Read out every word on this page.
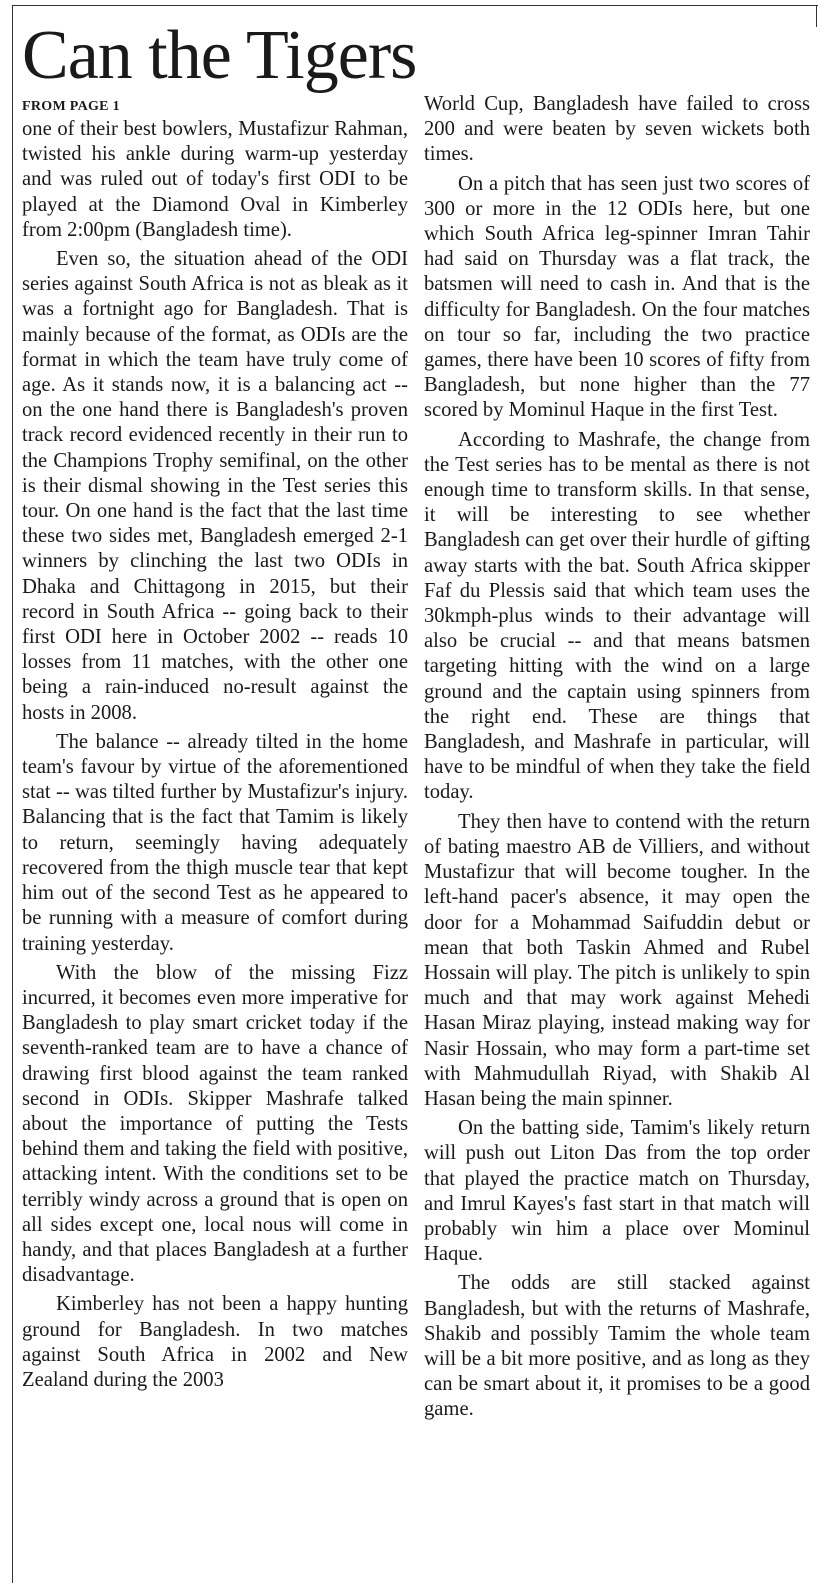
Can the Tigers
FROM PAGE 1

one of their best bowlers, Mustafizur Rahman, twisted his ankle during warm-up yesterday and was ruled out of today's first ODI to be played at the Diamond Oval in Kimberley from 2:00pm (Bangladesh time).

Even so, the situation ahead of the ODI series against South Africa is not as bleak as it was a fortnight ago for Bangladesh. That is mainly because of the format, as ODIs are the format in which the team have truly come of age. As it stands now, it is a balancing act -- on the one hand there is Bangladesh's proven track record evidenced recently in their run to the Champions Trophy semifinal, on the other is their dismal showing in the Test series this tour. On one hand is the fact that the last time these two sides met, Bangladesh emerged 2-1 winners by clinching the last two ODIs in Dhaka and Chittagong in 2015, but their record in South Africa -- going back to their first ODI here in October 2002 -- reads 10 losses from 11 matches, with the other one being a rain-induced no-result against the hosts in 2008.

The balance -- already tilted in the home team's favour by virtue of the aforementioned stat -- was tilted further by Mustafizur's injury. Balancing that is the fact that Tamim is likely to return, seemingly having adequately recovered from the thigh muscle tear that kept him out of the second Test as he appeared to be running with a measure of comfort during training yesterday.

With the blow of the missing Fizz incurred, it becomes even more imperative for Bangladesh to play smart cricket today if the seventh-ranked team are to have a chance of drawing first blood against the team ranked second in ODIs. Skipper Mashrafe talked about the importance of putting the Tests behind them and taking the field with positive, attacking intent. With the conditions set to be terribly windy across a ground that is open on all sides except one, local nous will come in handy, and that places Bangladesh at a further disadvantage.

Kimberley has not been a happy hunting ground for Bangladesh. In two matches against South Africa in 2002 and New Zealand during the 2003

World Cup, Bangladesh have failed to cross 200 and were beaten by seven wickets both times.

On a pitch that has seen just two scores of 300 or more in the 12 ODIs here, but one which South Africa leg-spinner Imran Tahir had said on Thursday was a flat track, the batsmen will need to cash in. And that is the difficulty for Bangladesh. On the four matches on tour so far, including the two practice games, there have been 10 scores of fifty from Bangladesh, but none higher than the 77 scored by Mominul Haque in the first Test.

According to Mashrafe, the change from the Test series has to be mental as there is not enough time to transform skills. In that sense, it will be interesting to see whether Bangladesh can get over their hurdle of gifting away starts with the bat. South Africa skipper Faf du Plessis said that which team uses the 30kmph-plus winds to their advantage will also be crucial -- and that means batsmen targeting hitting with the wind on a large ground and the captain using spinners from the right end. These are things that Bangladesh, and Mashrafe in particular, will have to be mindful of when they take the field today.

They then have to contend with the return of bating maestro AB de Villiers, and without Mustafizur that will become tougher. In the left-hand pacer's absence, it may open the door for a Mohammad Saifuddin debut or mean that both Taskin Ahmed and Rubel Hossain will play. The pitch is unlikely to spin much and that may work against Mehedi Hasan Miraz playing, instead making way for Nasir Hossain, who may form a part-time set with Mahmudullah Riyad, with Shakib Al Hasan being the main spinner.

On the batting side, Tamim's likely return will push out Liton Das from the top order that played the practice match on Thursday, and Imrul Kayes's fast start in that match will probably win him a place over Mominul Haque.

The odds are still stacked against Bangladesh, but with the returns of Mashrafe, Shakib and possibly Tamim the whole team will be a bit more positive, and as long as they can be smart about it, it promises to be a good game.
